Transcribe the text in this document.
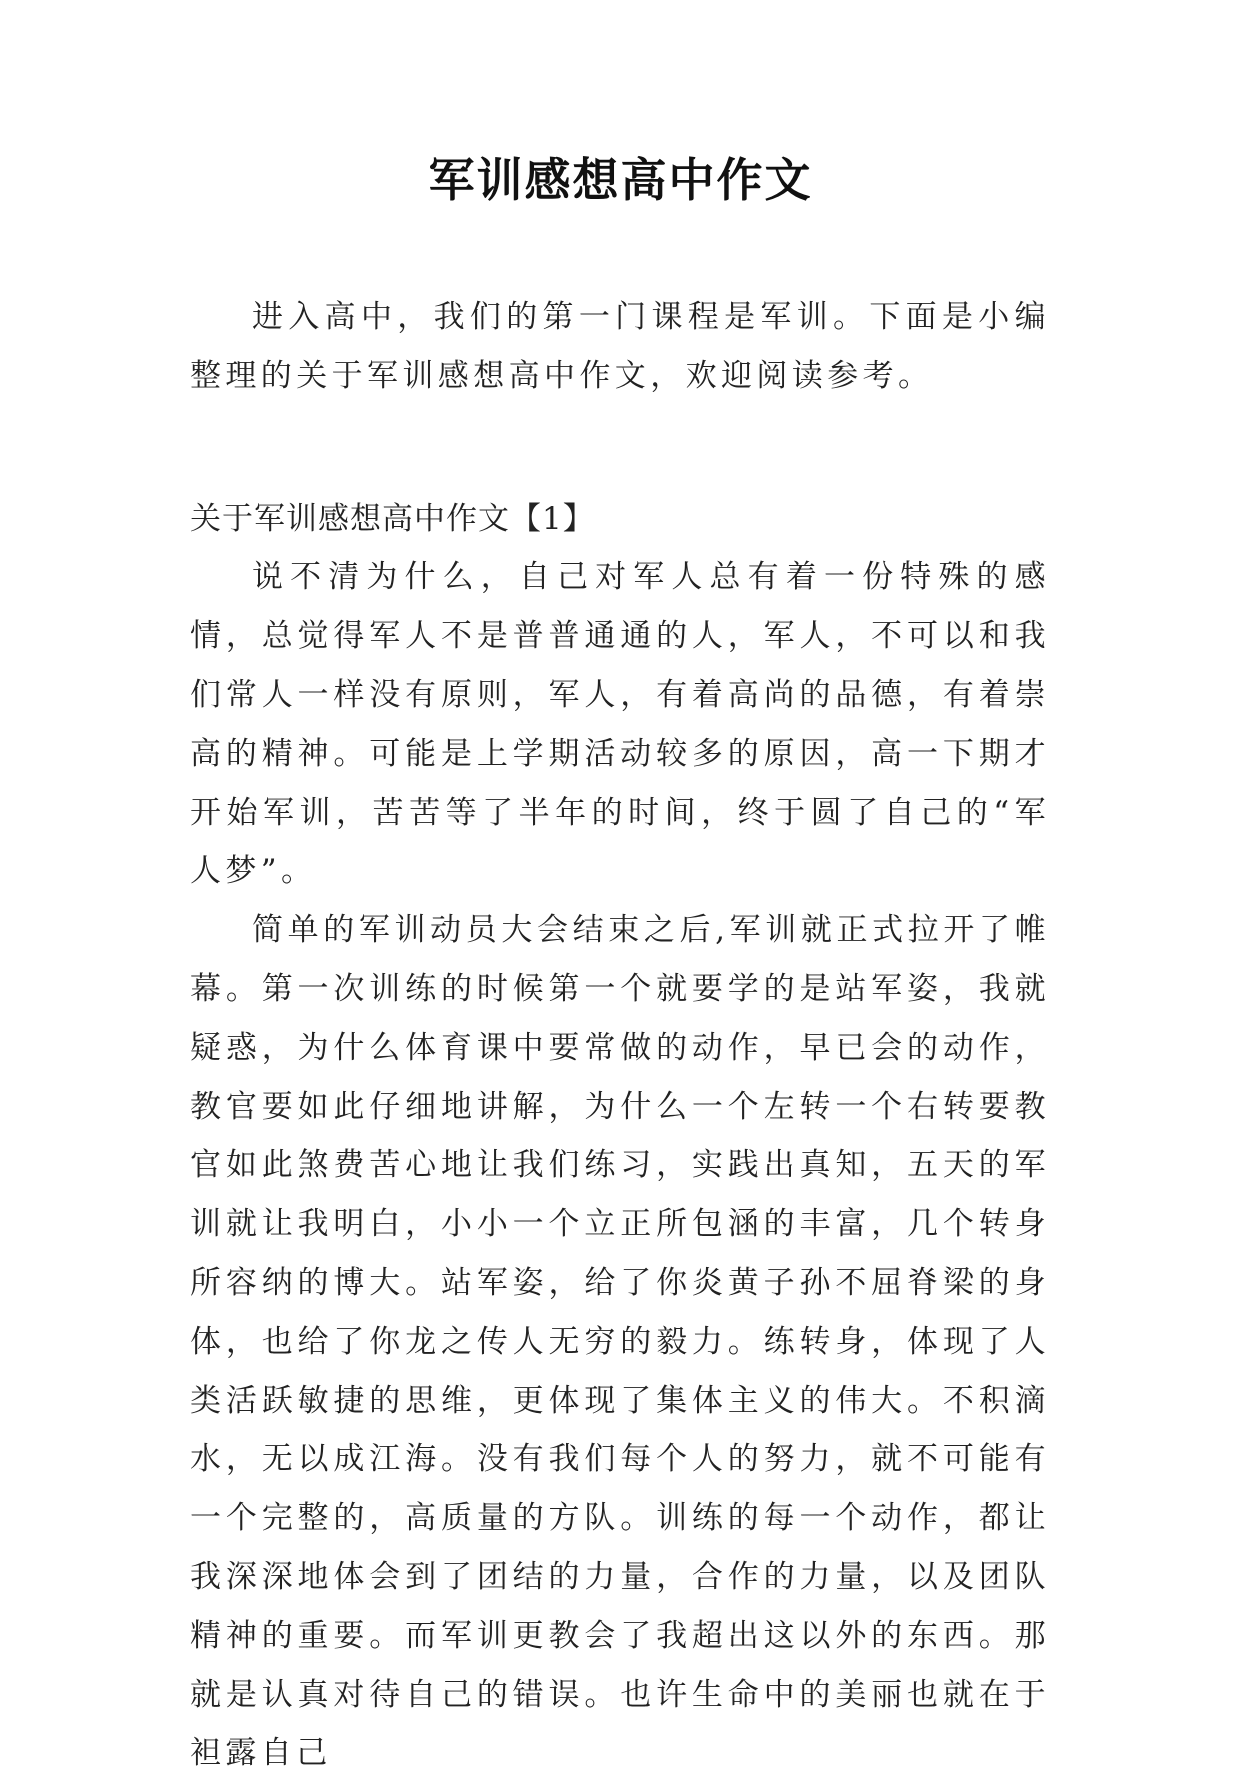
军训感想高中作文

进入高中，我们的第一门课程是军训。下面是小编整理的关于军训感想高中作文，欢迎阅读参考。

关于军训感想高中作文【1】

说不清为什么，自己对军人总有着一份特殊的感情，总觉得军人不是普普通通的人，军人，不可以和我们常人一样没有原则，军人，有着高尚的品德，有着崇高的精神。可能是上学期活动较多的原因，高一下期才开始军训，苦苦等了半年的时间，终于圆了自己的“军人梦”。

简单的军训动员大会结束之后,军训就正式拉开了帷幕。第一次训练的时候第一个就要学的是站军姿，我就疑惑，为什么体育课中要常做的动作，早已会的动作，教官要如此仔细地讲解，为什么一个左转一个右转要教官如此煞费苦心地让我们练习，实践出真知，五天的军训就让我明白，小小一个立正所包涵的丰富，几个转身所容纳的博大。站军姿，给了你炎黄子孙不屈脊梁的身体，也给了你龙之传人无穷的毅力。练转身，体现了人类活跃敏捷的思维，更体现了集体主义的伟大。不积滴水，无以成江海。没有我们每个人的努力，就不可能有一个完整的，高质量的方队。训练的每一个动作，都让我深深地体会到了团结的力量，合作的力量，以及团队精神的重要。而军训更教会了我超出这以外的东西。那就是认真对待自己的错误。也许生命中的美丽也就在于袒露自己
